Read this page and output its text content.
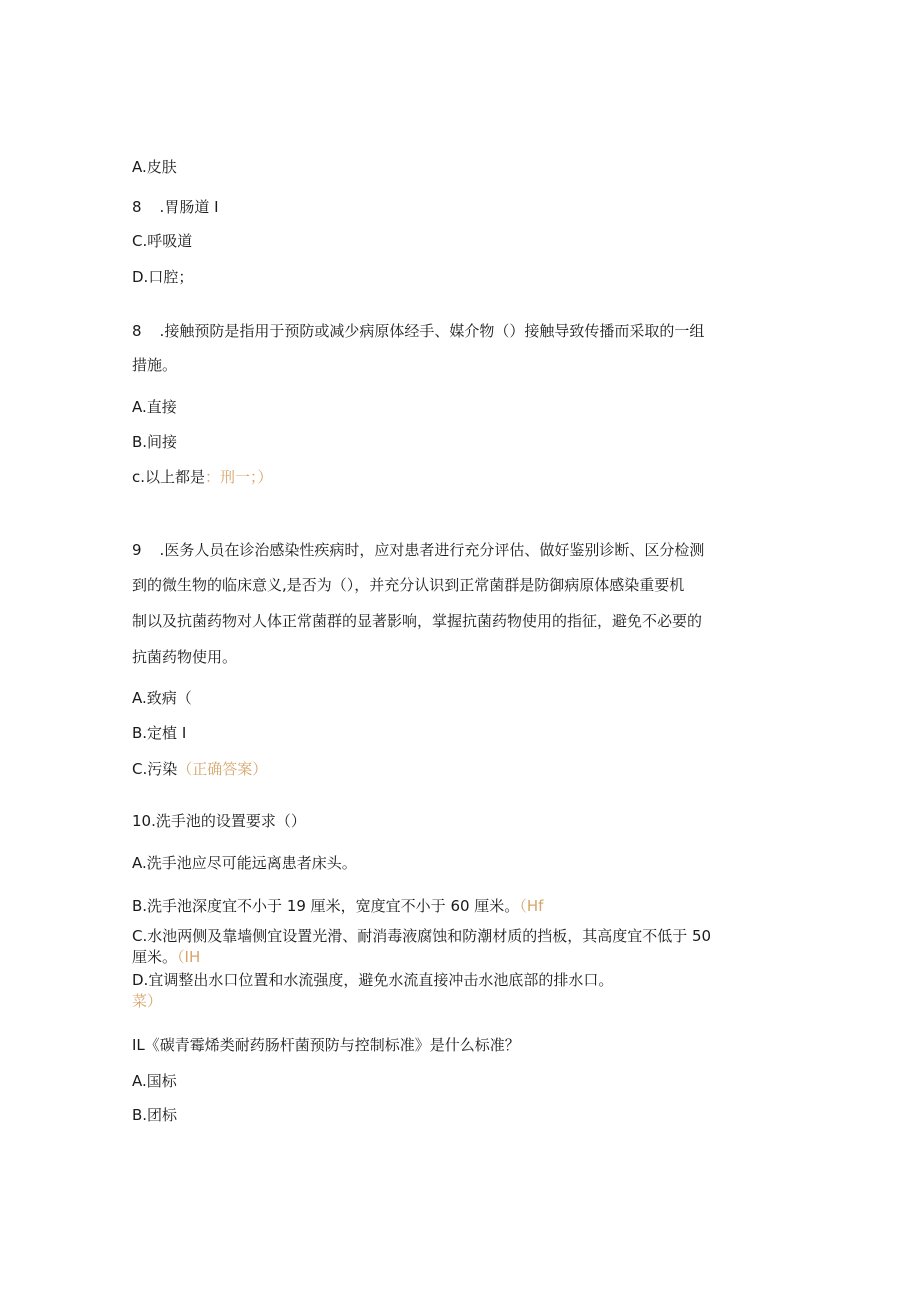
A.皮肤

8 .胃肠道 I

C.呼吸道

D.口腔；

8 .接触预防是指用于预防或减少病原体经手、媒介物（）接触导致传播而采取的一组

措施。

A.直接

B.间接

c.以上都是：刑一；）

9 .医务人员在诊治感染性疾病时，应对患者进行充分评估、做好鉴别诊断、区分检测

到的微生物的临床意义,是否为（），并充分认识到正常菌群是防御病原体感染重要机

制以及抗菌药物对人体正常菌群的显著影响，掌握抗菌药物使用的指征，避免不必要的

抗菌药物使用。

A.致病（

B.定植 I

C.污染（正确答案）

10.洗手池的设置要求（）

A.洗手池应尽可能远离患者床头。

B.洗手池深度宜不小于 19 厘米，宽度宜不小于 60 厘米。（Hf

C.水池两侧及靠墙侧宜设置光滑、耐消毒液腐蚀和防潮材质的挡板，其高度宜不低于 50

厘米。（IH

D.宜调整出水口位置和水流强度，避免水流直接冲击水池底部的排水口。

菜）

IL《碳青霉烯类耐药肠杆菌预防与控制标准》是什么标准？

A.国标

B.团标
